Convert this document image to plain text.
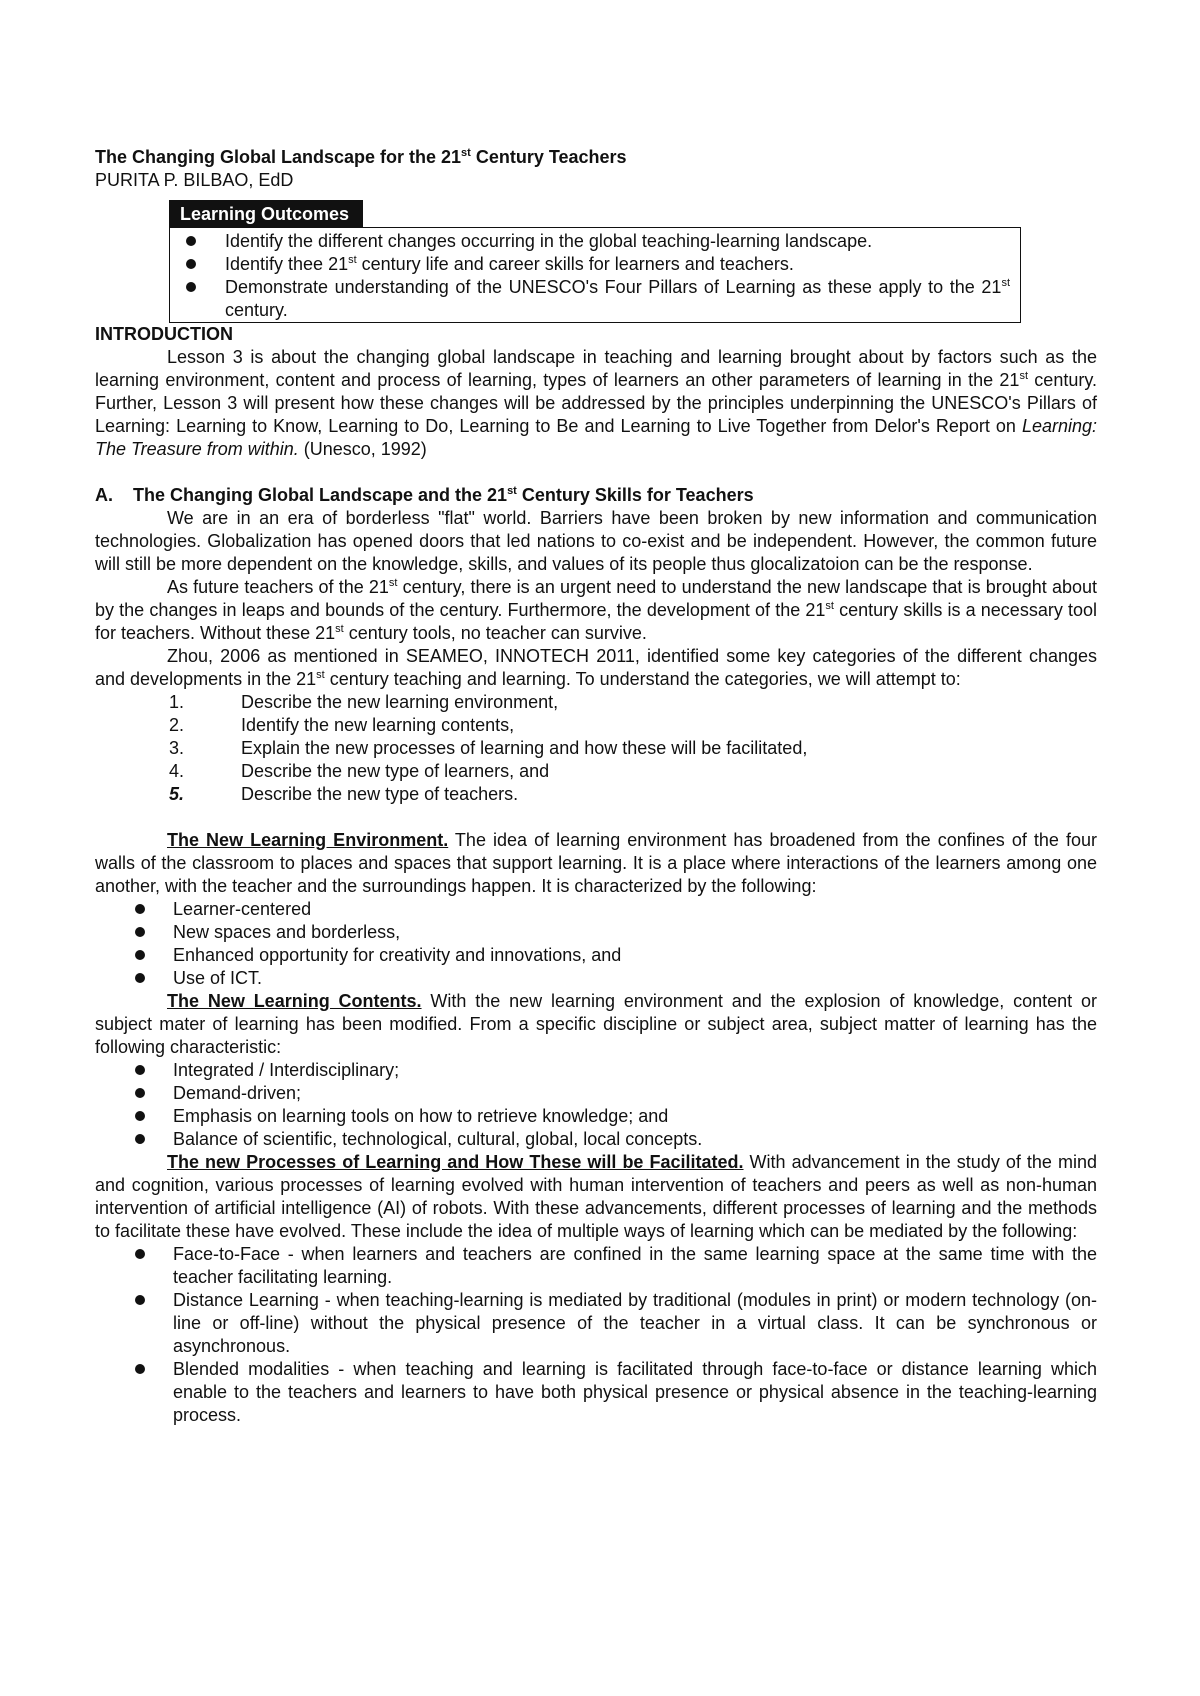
The Changing Global Landscape for the 21st Century Teachers
PURITA P. BILBAO, EdD
Learning Outcomes
Identify the different changes occurring in the global teaching-learning landscape.
Identify thee 21st century life and career skills for learners and teachers.
Demonstrate understanding of the UNESCO's Four Pillars of Learning as these apply to the 21st century.
INTRODUCTION
Lesson 3 is about the changing global landscape in teaching and learning brought about by factors such as the learning environment, content and process of learning, types of learners an other parameters of learning in the 21st century. Further, Lesson 3 will present how these changes will be addressed by the principles underpinning the UNESCO's Pillars of Learning: Learning to Know, Learning to Do, Learning to Be and Learning to Live Together from Delor's Report on Learning: The Treasure from within. (Unesco, 1992)
A.    The Changing Global Landscape and the 21st Century Skills for Teachers
We are in an era of borderless "flat" world. Barriers have been broken by new information and communication technologies. Globalization has opened doors that led nations to co-exist and be independent. However, the common future will still be more dependent on the knowledge, skills, and values of its people thus glocalizatoion can be the response.
As future teachers of the 21st century, there is an urgent need to understand the new landscape that is brought about by the changes in leaps and bounds of the century. Furthermore, the development of the 21st century skills is a necessary tool for teachers. Without these 21st century tools, no teacher can survive.
Zhou, 2006 as mentioned in SEAMEO, INNOTECH 2011, identified some key categories of the different changes and developments in the 21st century teaching and learning. To understand the categories, we will attempt to:
1.	Describe the new learning environment,
2.	Identify the new learning contents,
3.	Explain the new processes of learning and how these will be facilitated,
4.	Describe the new type of learners, and
5.	Describe the new type of teachers.
The New Learning Environment. The idea of learning environment has broadened from the confines of the four walls of the classroom to places and spaces that support learning. It is a place where interactions of the learners among one another, with the teacher and the surroundings happen. It is characterized by the following:
Learner-centered
New spaces and borderless,
Enhanced opportunity for creativity and innovations, and
Use of ICT.
The New Learning Contents. With the new learning environment and the explosion of knowledge, content or subject mater of learning has been modified. From a specific discipline or subject area, subject matter of learning has the following characteristic:
Integrated / Interdisciplinary;
Demand-driven;
Emphasis on learning tools on how to retrieve knowledge; and
Balance of scientific, technological, cultural, global, local concepts.
The new Processes of Learning and How These will be Facilitated. With advancement in the study of the mind and cognition, various processes of learning evolved with human intervention of teachers and peers as well as non-human intervention of artificial intelligence (AI) of robots. With these advancements, different processes of learning and the methods to facilitate these have evolved. These include the idea of multiple ways of learning which can be mediated by the following:
Face-to-Face - when learners and teachers are confined in the same learning space at the same time with the teacher facilitating learning.
Distance Learning - when teaching-learning is mediated by traditional (modules in print) or modern technology (on-line or off-line) without the physical presence of the teacher in a virtual class. It can be synchronous or asynchronous.
Blended modalities - when teaching and learning is facilitated through face-to-face or distance learning which enable to the teachers and learners to have both physical presence or physical absence in the teaching-learning process.
